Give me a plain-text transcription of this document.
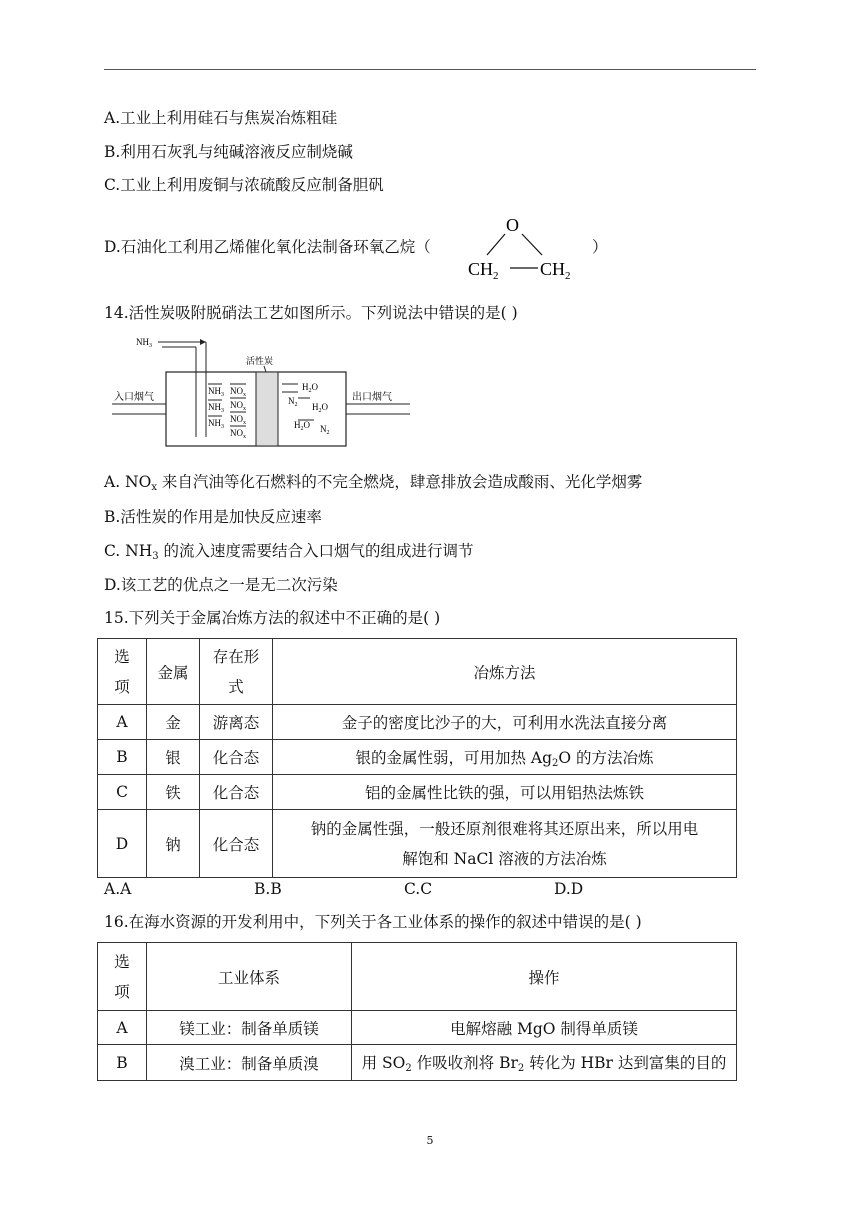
A.工业上利用硅石与焦炭冶炼粗硅
B.利用石灰乳与纯碱溶液反应制烧碱
C.工业上利用废铜与浓硫酸反应制备胆矾
D.石油化工利用乙烯催化氧化法制备环氧乙烷（	）
O
$CH_2$ $CH_2$
14.活性炭吸附脱硝法工艺如图所示。下列说法中错误的是( )
$NH_3$
入口烟气	出口烟气
活性炭
$NH_3$
$NH_3$
$NH_3$
$NO_x$
$NO_x$
$NO_x$
$NO_x$
$H_2O$
$N_2$ $H_2O$
$H_2O$ $N_2$
A. $NO_x$ 来自汽油等化石燃料的不完全燃烧，肆意排放会造成酸雨、光化学烟雾
B.活性炭的作用是加快反应速率
C. $NH_3$ 的流入速度需要结合入口烟气的组成进行调节
D.该工艺的优点之一是无二次污染
15.下列关于金属冶炼方法的叙述中不正确的是( )
选
项	金属	存在形
式	冶炼方法
A	金	游离态	金子的密度比沙子的大，可利用水洗法直接分离
B	银	化合态	银的金属性弱，可用加热 $Ag_2O$ 的方法冶炼
C	铁	化合态	铝的金属性比铁的强，可以用铝热法炼铁
D	钠	化合态	钠的金属性强，一般还原剂很难将其还原出来，所以用电
解饱和 NaCl 溶液的方法冶炼
A.A	B.B	C.C	D.D
16.在海水资源的开发利用中，下列关于各工业体系的操作的叙述中错误的是( )
选
项	工业体系	操作
A	镁工业：制备单质镁	电解熔融 MgO 制得单质镁
B	溴工业：制备单质溴	用 $SO_2$ 作吸收剂将 $Br_2$ 转化为 HBr 达到富集的目的
5
